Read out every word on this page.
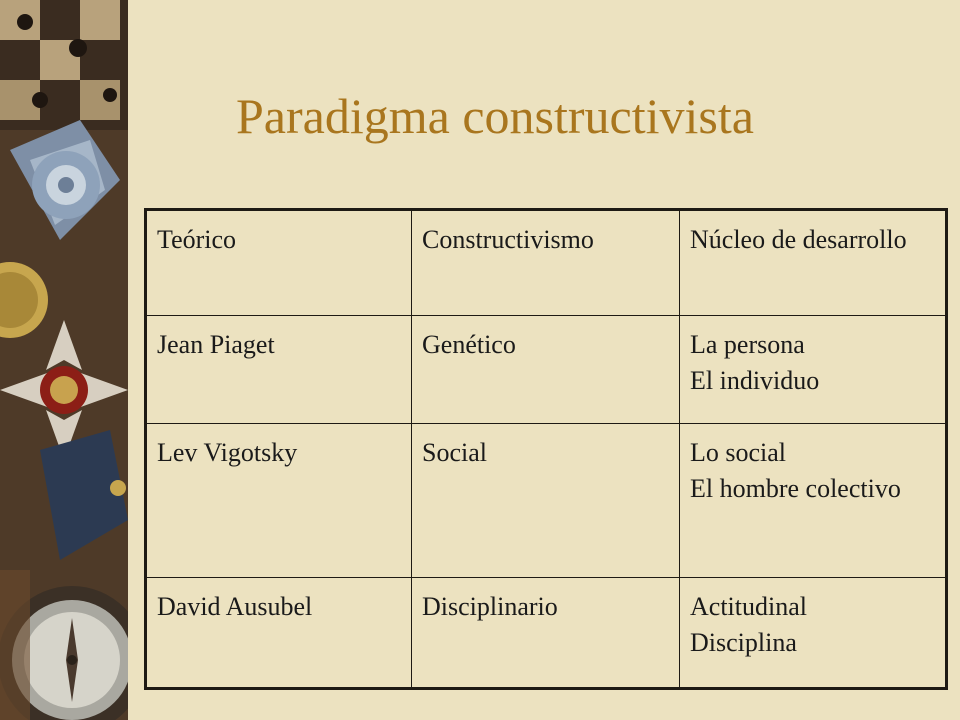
Paradigma constructivista
Teórico	Constructivismo	Núcleo de desarrollo
Jean Piaget	Genético	La persona
El individuo

Lev Vigotsky	Social	Lo social
El hombre colectivo

David Ausubel	Disciplinario	Actitudinal
Disciplina
